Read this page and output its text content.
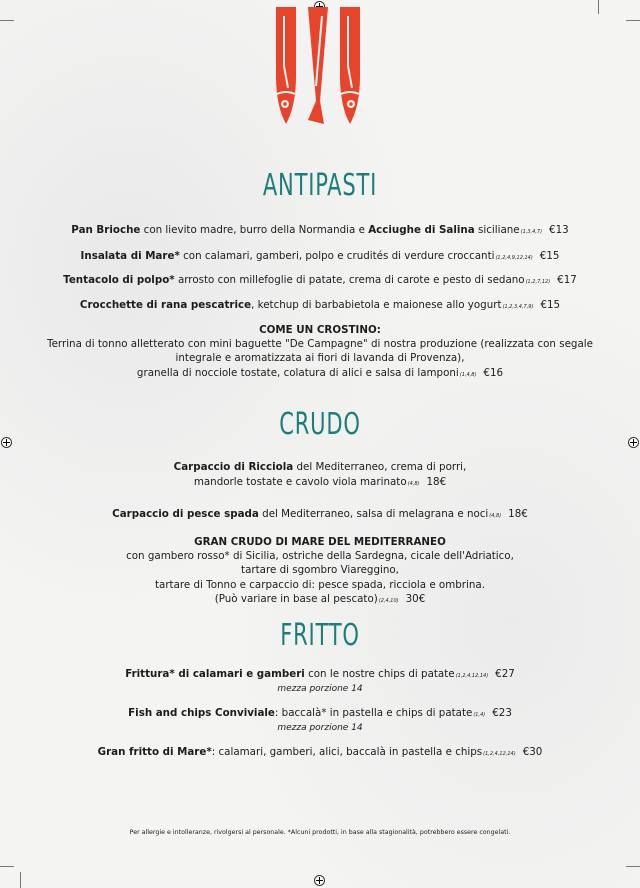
ANTIPASTI
Pan Brioche con lievito madre, burro della Normandia e Acciughe di Salina siciliane(1,3,4,7) €13
Insalata di Mare* con calamari, gamberi, polpo e crudités di verdure croccanti(1,2,4,9,12,14) €15
Tentacolo di polpo* arrosto con millefoglie di patate, crema di carote e pesto di sedano(1,2,7,12) €17
Crocchette di rana pescatrice, ketchup di barbabietola e maionese allo yogurt(1,2,3,4,7,9) €15
COME UN CROSTINO:
Terrina di tonno alletterato con mini baguette "De Campagne" di nostra produzione (realizzata con segale
integrale e aromatizzata ai fiori di lavanda di Provenza),
granella di nocciole tostate, colatura di alici e salsa di lamponi(1,4,8) €16
CRUDO
Carpaccio di Ricciola del Mediterraneo, crema di porri,
mandorle tostate e cavolo viola marinato(4,8) 18€
Carpaccio di pesce spada del Mediterraneo, salsa di melagrana e noci(4,8) 18€
GRAN CRUDO DI MARE DEL MEDITERRANEO
con gambero rosso* di Sicilia, ostriche della Sardegna, cicale dell'Adriatico,
tartare di sgombro Viareggino,
tartare di Tonno e carpaccio di: pesce spada, ricciola e ombrina.
(Può variare in base al pescato)(2,4,10) 30€
FRITTO
Frittura* di calamari e gamberi con le nostre chips di patate(1,2,4,12,14) €27
mezza porzione 14
Fish and chips Conviviale: baccalà* in pastella e chips di patate(1,4) €23
mezza porzione 14
Gran fritto di Mare*: calamari, gamberi, alici, baccalà in pastella e chips(1,2,4,12,14) €30
Per allergie e intolleranze, rivolgersi al personale. *Alcuni prodotti, in base alla stagionalità, potrebbero essere congelati.
